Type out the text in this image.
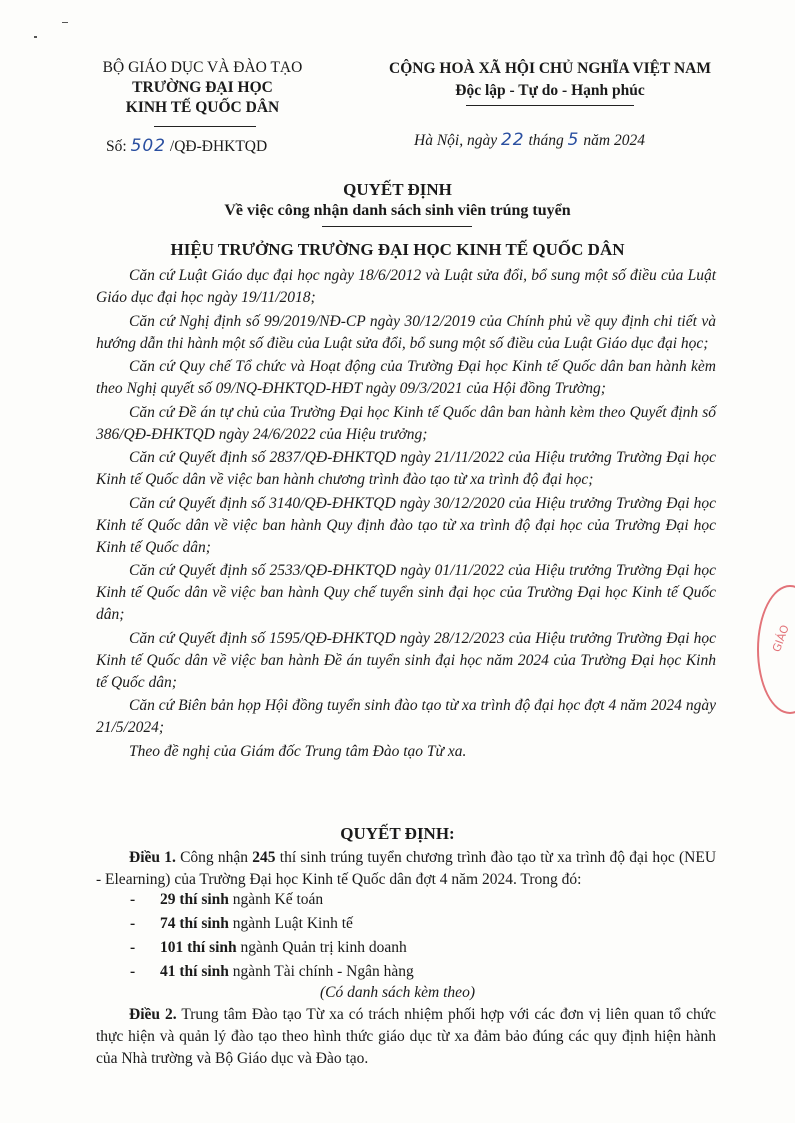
BỘ GIÁO DỤC VÀ ĐÀO TẠO
TRƯỜNG ĐẠI HỌC
KINH TẾ QUỐC DÂN
Số: 502 /QĐ-ĐHKTQD
CỘNG HOÀ XÃ HỘI CHỦ NGHĨA VIỆT NAM
Độc lập - Tự do - Hạnh phúc
Hà Nội, ngày 22 tháng 5 năm 2024
QUYẾT ĐỊNH
Về việc công nhận danh sách sinh viên trúng tuyển
HIỆU TRƯỞNG TRƯỜNG ĐẠI HỌC KINH TẾ QUỐC DÂN

Căn cứ Luật Giáo dục đại học ngày 18/6/2012 và Luật sửa đổi, bổ sung một số điều của Luật Giáo dục đại học ngày 19/11/2018;

Căn cứ Nghị định số 99/2019/NĐ-CP ngày 30/12/2019 của Chính phủ về quy định chi tiết và hướng dẫn thi hành một số điều của Luật sửa đổi, bổ sung một số điều của Luật Giáo dục đại học;

Căn cứ Quy chế Tổ chức và Hoạt động của Trường Đại học Kinh tế Quốc dân ban hành kèm theo Nghị quyết số 09/NQ-ĐHKTQD-HĐT ngày 09/3/2021 của Hội đồng Trường;

Căn cứ Đề án tự chủ của Trường Đại học Kinh tế Quốc dân ban hành kèm theo Quyết định số 386/QĐ-ĐHKTQD ngày 24/6/2022 của Hiệu trưởng;

Căn cứ Quyết định số 2837/QĐ-ĐHKTQD ngày 21/11/2022 của Hiệu trưởng Trường Đại học Kinh tế Quốc dân về việc ban hành chương trình đào tạo từ xa trình độ đại học;

Căn cứ Quyết định số 3140/QĐ-ĐHKTQD ngày 30/12/2020 của Hiệu trưởng Trường Đại học Kinh tế Quốc dân về việc ban hành Quy định đào tạo từ xa trình độ đại học của Trường Đại học Kinh tế Quốc dân;

Căn cứ Quyết định số 2533/QĐ-ĐHKTQD ngày 01/11/2022 của Hiệu trưởng Trường Đại học Kinh tế Quốc dân về việc ban hành Quy chế tuyển sinh đại học của Trường Đại học Kinh tế Quốc dân;

Căn cứ Quyết định số 1595/QĐ-ĐHKTQD ngày 28/12/2023 của Hiệu trưởng Trường Đại học Kinh tế Quốc dân về việc ban hành Đề án tuyển sinh đại học năm 2024 của Trường Đại học Kinh tế Quốc dân;

Căn cứ Biên bản họp Hội đồng tuyển sinh đào tạo từ xa trình độ đại học đợt 4 năm 2024 ngày 21/5/2024;

Theo đề nghị của Giám đốc Trung tâm Đào tạo Từ xa.

QUYẾT ĐỊNH:

Điều 1. Công nhận 245 thí sinh trúng tuyển chương trình đào tạo từ xa trình độ đại học (NEU - Elearning) của Trường Đại học Kinh tế Quốc dân đợt 4 năm 2024. Trong đó:

-	29 thí sinh ngành Kế toán
-	74 thí sinh ngành Luật Kinh tế
-	101 thí sinh ngành Quản trị kinh doanh
-	41 thí sinh ngành Tài chính - Ngân hàng
(Có danh sách kèm theo)

Điều 2. Trung tâm Đào tạo Từ xa có trách nhiệm phối hợp với các đơn vị liên quan tổ chức thực hiện và quản lý đào tạo theo hình thức giáo dục từ xa đảm bảo đúng các quy định hiện hành của Nhà trường và Bộ Giáo dục và Đào tạo.

GIÁO
